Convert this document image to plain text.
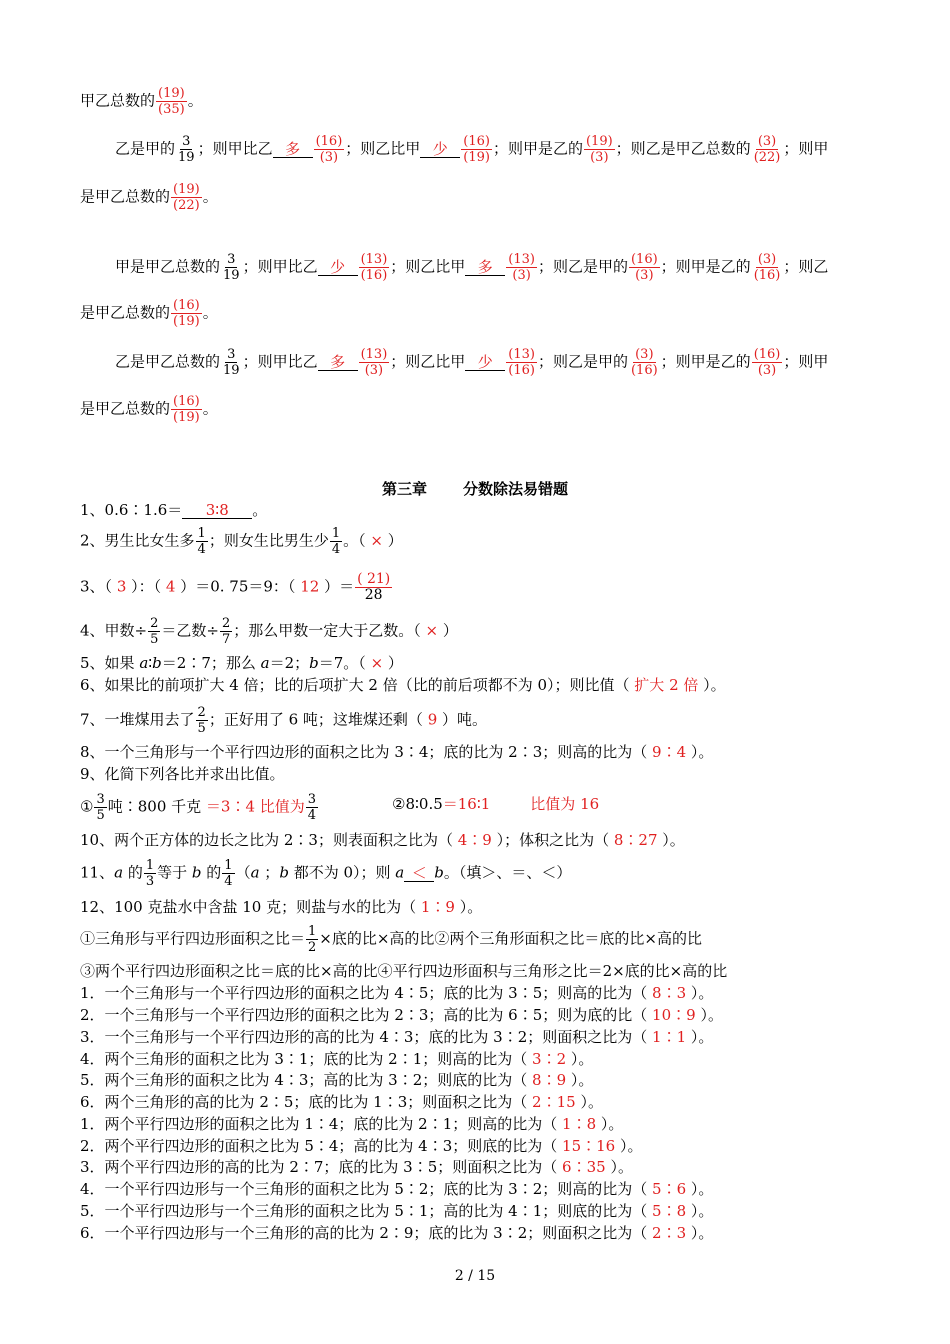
甲乙总数的 $\frac{(19)}{(35)}$ 。
乙是甲的 $\frac{3}{19}$ ；则甲比乙 多 $\frac{(16)}{(3)}$ ；则乙比甲 少 $\frac{(16)}{(19)}$ ；则甲是乙的 $\frac{(19)}{(3)}$ ；则乙是甲乙总数的 $\frac{(3)}{(22)}$ ；则甲
是甲乙总数的 $\frac{(19)}{(22)}$ 。
甲是甲乙总数的 $\frac{3}{19}$ ；则甲比乙 少 $\frac{(13)}{(16)}$ ；则乙比甲 多 $\frac{(13)}{(3)}$ ；则乙是甲的 $\frac{(16)}{(3)}$ ；则甲是乙的 $\frac{(3)}{(16)}$ ；则乙
是甲乙总数的 $\frac{(16)}{(19)}$ 。
乙是甲乙总数的 $\frac{3}{19}$ ；则甲比乙 多 $\frac{(13)}{(3)}$ ；则乙比甲 少 $\frac{(13)}{(16)}$ ；则乙是甲的 $\frac{(3)}{(16)}$ ；则甲是乙的 $\frac{(16)}{(3)}$ ；则甲
是甲乙总数的 $\frac{(16)}{(19)}$ 。
第三章 分数除法易错题
1、0.6∶1.6＝ 3∶8 。
2、男生比女生多 $\frac{1}{4}$ ；则女生比男生少 $\frac{1}{4}$ 。（ × ）
3、（ 3 ）：（ 4 ）＝0. 75＝9：（ 12 ）＝ $\frac{( 21)}{28}$
4、甲数÷ $\frac{2}{5}$ ＝乙数÷ $\frac{2}{7}$ ；那么甲数一定大于乙数。（ × ）
5、如果 a∶b＝2∶7；那么 a＝2；b＝7。（ × ）
6、如果比的前项扩大 4 倍；比的后项扩大 2 倍（比的前后项都不为 0）；则比值（ 扩大 2 倍 ）。
7、一堆煤用去了 $\frac{2}{5}$ ；正好用了 6 吨；这堆煤还剩（ 9 ）吨。
8、一个三角形与一个平行四边形的面积之比为 3∶4；底的比为 2∶3；则高的比为（ 9∶4 ）。
9、化简下列各比并求出比值。
① $\frac{3}{5}$ 吨∶800 千克 ＝3∶4 比值为 $\frac{3}{4}$	②8∶0.5＝16∶1	比值为 16
10、两个正方体的边长之比为 2∶3；则表面积之比为（ 4∶9 ）；体积之比为（ 8∶27 ）。
11、a 的 $\frac{1}{3}$ 等于 b 的 $\frac{1}{4} (a$ ；b 都不为 0）；则 a ＜ b。（填＞、＝、＜）
12、100 克盐水中含盐 10 克；则盐与水的比为（ 1∶9 ）。
①三角形与平行四边形面积之比＝ $\frac{1}{2}$ ×底的比×高的比②两个三角形面积之比＝底的比×高的比
③两个平行四边形面积之比＝底的比×高的比④平行四边形面积与三角形之比＝2×底的比×高的比
1．一个三角形与一个平行四边形的面积之比为 4∶5；底的比为 3∶5；则高的比为（ 8∶3 ）。
2．一个三角形与一个平行四边形的面积之比为 2∶3；高的比为 6∶5；则为底的比（ 10∶9 ）。
3．一个三角形与一个平行四边形的高的比为 4∶3；底的比为 3∶2；则面积之比为（ 1∶1 ）。
4．两个三角形的面积之比为 3∶1；底的比为 2∶1；则高的比为（ 3∶2 ）。
5．两个三角形的面积之比为 4∶3；高的比为 3∶2；则底的比为（ 8∶9 ）。
6．两个三角形的高的比为 2∶5；底的比为 1∶3；则面积之比为（ 2∶15 ）。
1．两个平行四边形的面积之比为 1∶4；底的比为 2∶1；则高的比为（ 1∶8 ）。
2．两个平行四边形的面积之比为 5∶4；高的比为 4∶3；则底的比为（ 15∶16 ）。
3．两个平行四边形的高的比为 2∶7；底的比为 3∶5；则面积之比为（ 6∶35 ）。
4．一个平行四边形与一个三角形的面积之比为 5∶2；底的比为 3∶2；则高的比为（ 5∶6 ）。
5．一个平行四边形与一个三角形的面积之比为 5∶1；高的比为 4∶1；则底的比为（ 5∶8 ）。
6．一个平行四边形与一个三角形的高的比为 2∶9；底的比为 3∶2；则面积之比为（ 2∶3 ）。
2 / 15
